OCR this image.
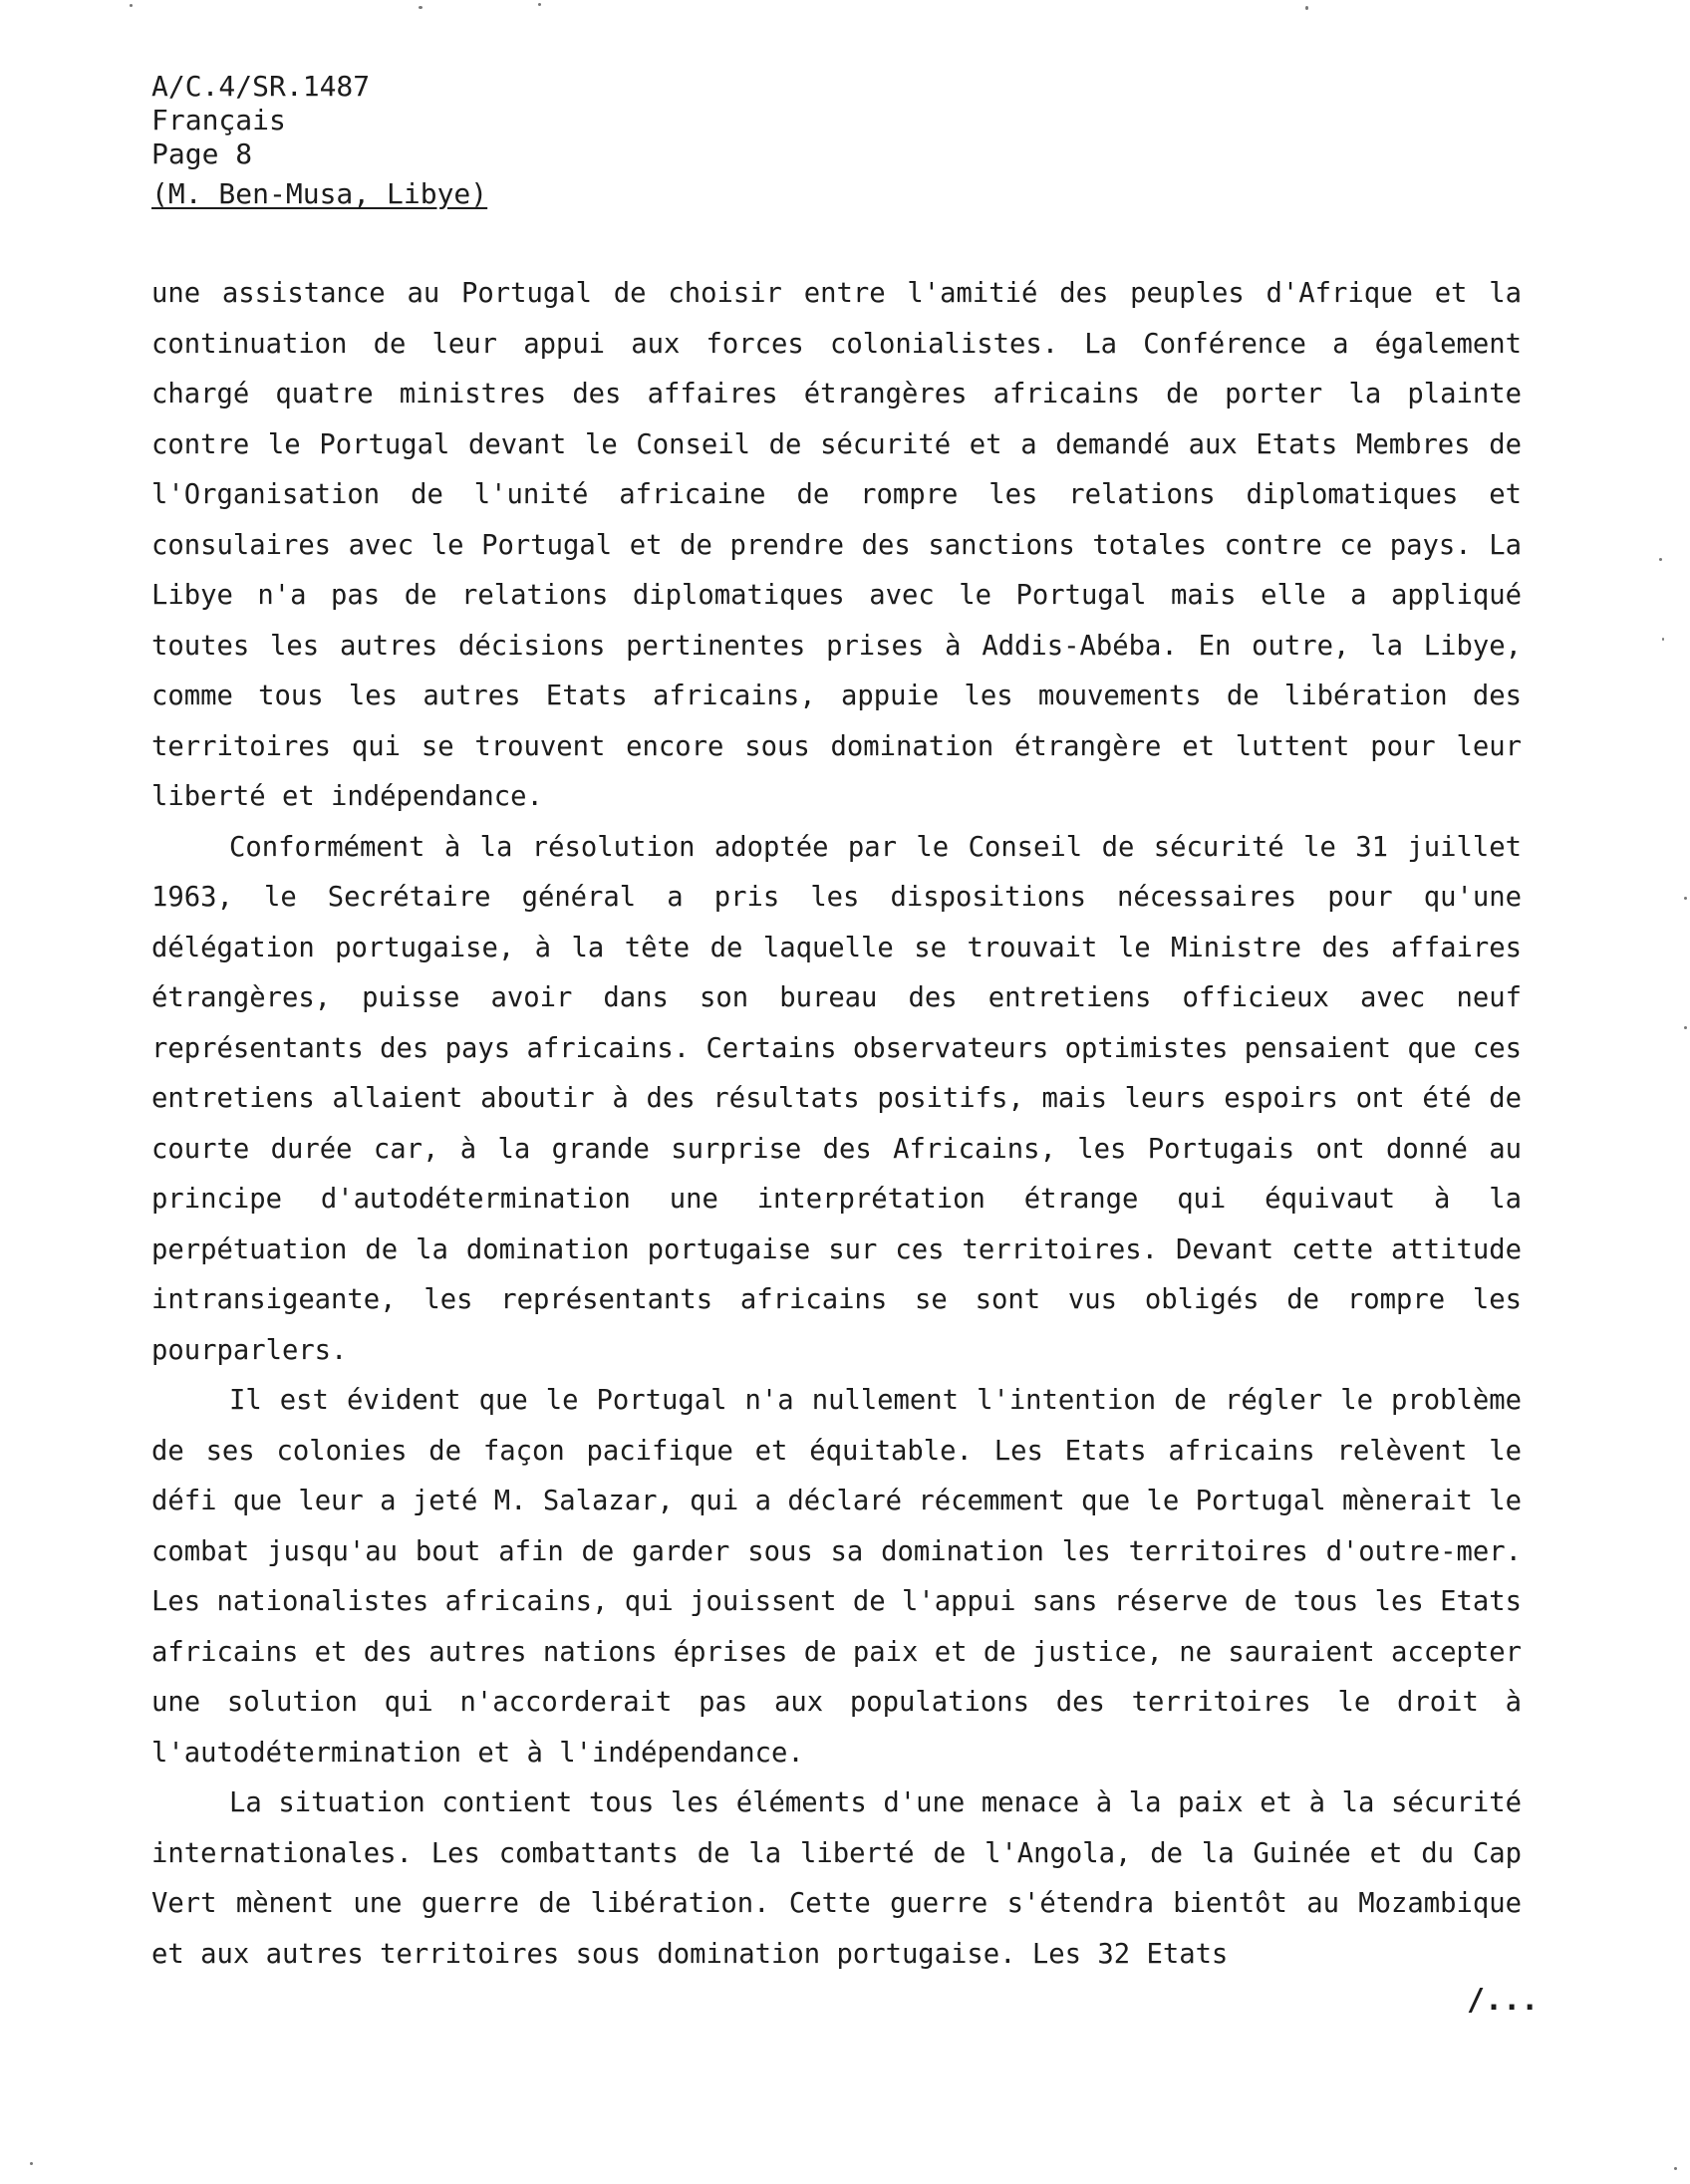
A/C.4/SR.1487
Français
Page 8
(M. Ben-Musa, Libye)

une assistance au Portugal de choisir entre l'amitié des peuples d'Afrique et la continuation de leur appui aux forces colonialistes. La Conférence a également chargé quatre ministres des affaires étrangères africains de porter la plainte contre le Portugal devant le Conseil de sécurité et a demandé aux Etats Membres de l'Organisation de l'unité africaine de rompre les relations diplomatiques et consulaires avec le Portugal et de prendre des sanctions totales contre ce pays. La Libye n'a pas de relations diplomatiques avec le Portugal mais elle a appliqué toutes les autres décisions pertinentes prises à Addis-Abéba. En outre, la Libye, comme tous les autres Etats africains, appuie les mouvements de libération des territoires qui se trouvent encore sous domination étrangère et luttent pour leur liberté et indépendance.

Conformément à la résolution adoptée par le Conseil de sécurité le 31 juillet 1963, le Secrétaire général a pris les dispositions nécessaires pour qu'une délégation portugaise, à la tête de laquelle se trouvait le Ministre des affaires étrangères, puisse avoir dans son bureau des entretiens officieux avec neuf représentants des pays africains. Certains observateurs optimistes pensaient que ces entretiens allaient aboutir à des résultats positifs, mais leurs espoirs ont été de courte durée car, à la grande surprise des Africains, les Portugais ont donné au principe d'autodétermination une interprétation étrange qui équivaut à la perpétuation de la domination portugaise sur ces territoires. Devant cette attitude intransigeante, les représentants africains se sont vus obligés de rompre les pourparlers.

Il est évident que le Portugal n'a nullement l'intention de régler le problème de ses colonies de façon pacifique et équitable. Les Etats africains relèvent le défi que leur a jeté M. Salazar, qui a déclaré récemment que le Portugal mènerait le combat jusqu'au bout afin de garder sous sa domination les territoires d'outre-mer. Les nationalistes africains, qui jouissent de l'appui sans réserve de tous les Etats africains et des autres nations éprises de paix et de justice, ne sauraient accepter une solution qui n'accorderait pas aux populations des territoires le droit à l'autodétermination et à l'indépendance.

La situation contient tous les éléments d'une menace à la paix et à la sécurité internationales. Les combattants de la liberté de l'Angola, de la Guinée et du Cap Vert mènent une guerre de libération. Cette guerre s'étendra bientôt au Mozambique et aux autres territoires sous domination portugaise. Les 32 Etats

/...
